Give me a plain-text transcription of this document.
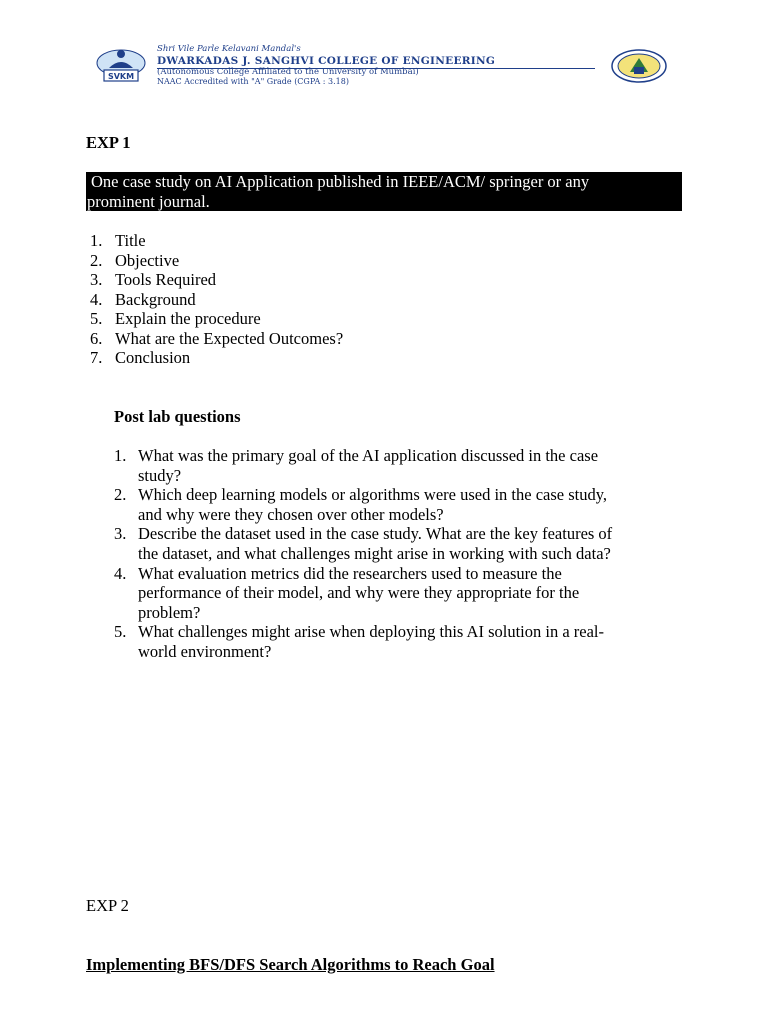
SVKM
Shri Vile Parle Kelavani Mandal's
DWARKADAS J. SANGHVI COLLEGE OF ENGINEERING
(Autonomous College Affiliated to the University of Mumbai)
NAAC Accredited with "A" Grade (CGPA : 3.18)
EXP 1
One case study on AI Application published in IEEE/ACM/ springer or any
prominent journal.
1. Title
2. Objective
3. Tools Required
4. Background
5. Explain the procedure
6. What are the Expected Outcomes?
7. Conclusion
Post lab questions
1. What was the primary goal of the AI application discussed in the case
study?
2. Which deep learning models or algorithms were used in the case study,
and why were they chosen over other models?
3. Describe the dataset used in the case study. What are the key features of
the dataset, and what challenges might arise in working with such data?
4. What evaluation metrics did the researchers used to measure the
performance of their model, and why were they appropriate for the
problem?
5. What challenges might arise when deploying this AI solution in a real-
world environment?
EXP 2
Implementing BFS/DFS Search Algorithms to Reach Goal
